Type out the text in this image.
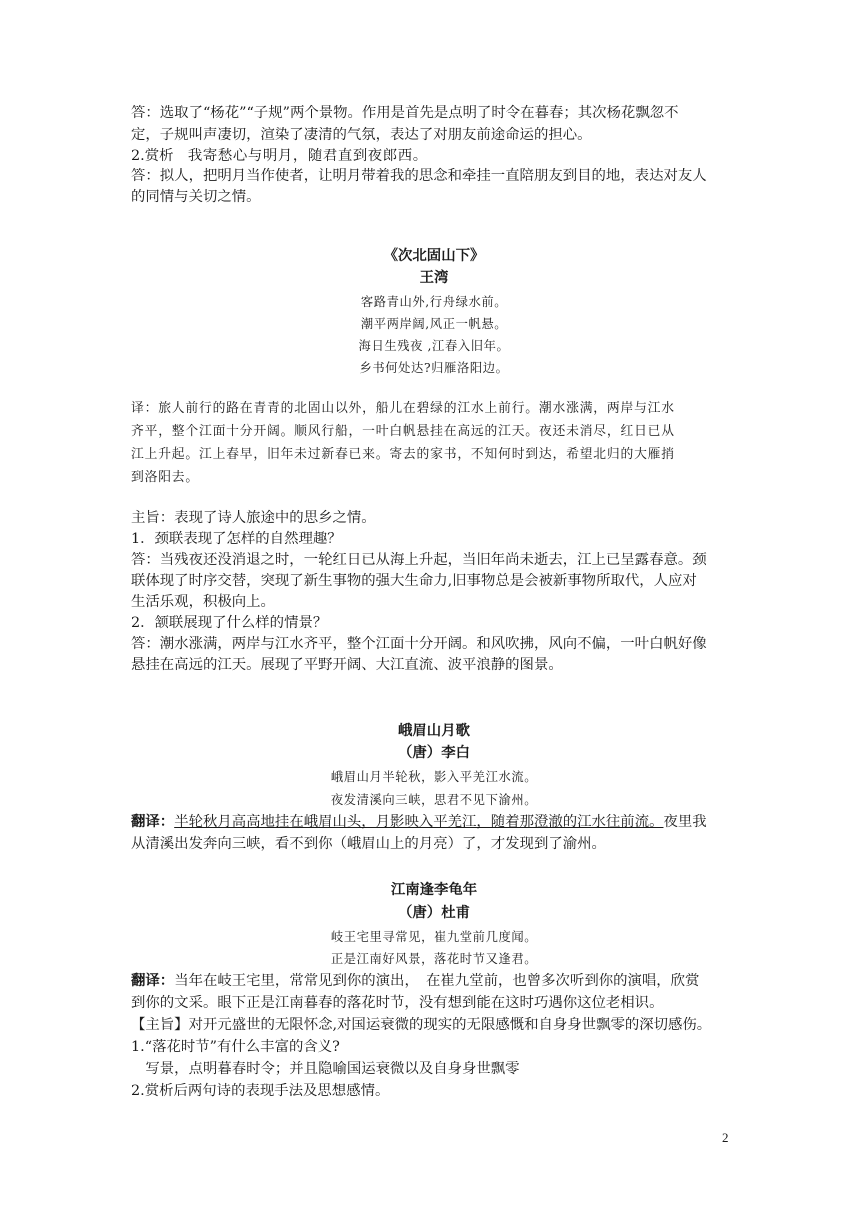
答：选取了“杨花”“子规”两个景物。作用是首先是点明了时令在暮春；其次杨花飘忽不

定，子规叫声凄切，渲染了凄清的气氛，表达了对朋友前途命运的担心。

2.赏析　 我寄愁心与明月，随君直到夜郎西。

答：拟人，把明月当作使者，让明月带着我的思念和牵挂一直陪朋友到目的地，表达对友人

的同情与关切之情。

《次北固山下》
王湾

客路青山外,行舟绿水前。

潮平两岸阔,风正一帆悬。

海日生残夜 ,江春入旧年。

乡书何处达?归雁洛阳边。

译：旅人前行的路在青青的北固山以外，船儿在碧绿的江水上前行。潮水涨满，两岸与江水

齐平，整个江面十分开阔。顺风行船，一叶白帆悬挂在高远的江天。夜还未消尽，红日已从

江上升起。江上春早，旧年未过新春已来。寄去的家书，不知何时到达，希望北归的大雁捎

到洛阳去。

主旨：表现了诗人旅途中的思乡之情。

1．颈联表现了怎样的自然理趣？

答：当残夜还没消退之时，一轮红日已从海上升起，当旧年尚未逝去，江上已呈露春意。颈

联体现了时序交替，突现了新生事物的强大生命力,旧事物总是会被新事物所取代，人应对

生活乐观，积极向上。

2．颔联展现了什么样的情景？

答：潮水涨满，两岸与江水齐平，整个江面十分开阔。和风吹拂，风向不偏，一叶白帆好像

悬挂在高远的江天。展现了平野开阔、大江直流、波平浪静的图景。

峨眉山月歌
（唐）李白

峨眉山月半轮秋，影入平羌江水流。

夜发清溪向三峡，思君不见下渝州。

翻译：半轮秋月高高地挂在峨眉山头，月影映入平羌江，随着那澄澈的江水往前流。夜里我

从清溪出发奔向三峡，看不到你（峨眉山上的月亮）了，才发现到了渝州。

江南逢李龟年
（唐）杜甫

岐王宅里寻常见，崔九堂前几度闻。

正是江南好风景，落花时节又逢君。

翻译：当年在岐王宅里，常常见到你的演出，　在崔九堂前，也曾多次听到你的演唱，欣赏

到你的文采。眼下正是江南暮春的落花时节，没有想到能在这时巧遇你这位老相识。

【主旨】对开元盛世的无限怀念,对国运衰微的现实的无限感慨和自身身世飘零的深切感伤。

1.“落花时节”有什么丰富的含义?

　写景，点明暮春时令；并且隐喻国运衰微以及自身身世飘零

2.赏析后两句诗的表现手法及思想感情。

2
